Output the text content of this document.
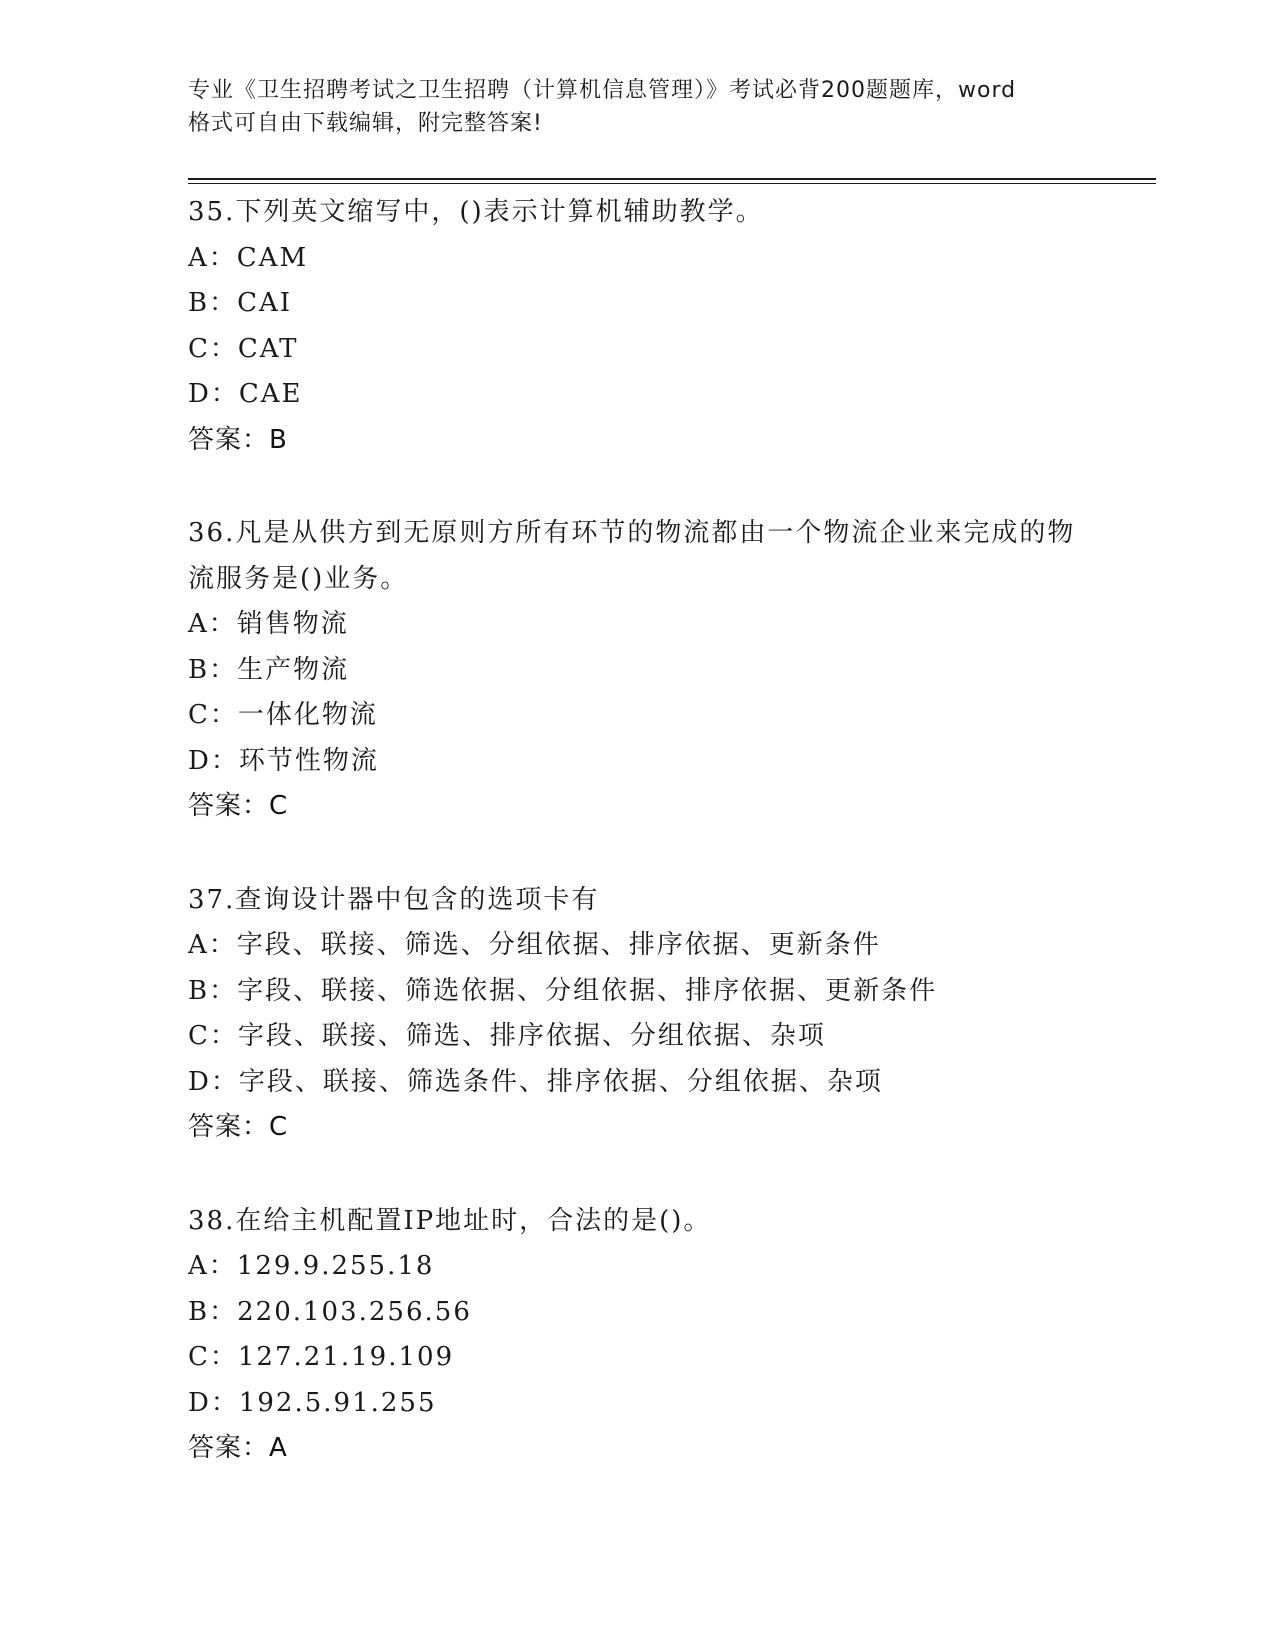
专业《卫生招聘考试之卫生招聘（计算机信息管理）》考试必背200题题库，word
格式可自由下载编辑，附完整答案!
35.下列英文缩写中，()表示计算机辅助教学。
A：CAM
B：CAI
C：CAT
D：CAE
答案：B
36.凡是从供方到无原则方所有环节的物流都由一个物流企业来完成的物流服务是()业务。
A：销售物流
B：生产物流
C：一体化物流
D：环节性物流
答案：C
37.查询设计器中包含的选项卡有
A：字段、联接、筛选、分组依据、排序依据、更新条件
B：字段、联接、筛选依据、分组依据、排序依据、更新条件
C：字段、联接、筛选、排序依据、分组依据、杂项
D：字段、联接、筛选条件、排序依据、分组依据、杂项
答案：C
38.在给主机配置IP地址时，合法的是()。
A：129.9.255.18
B：220.103.256.56
C：127.21.19.109
D：192.5.91.255
答案：A
